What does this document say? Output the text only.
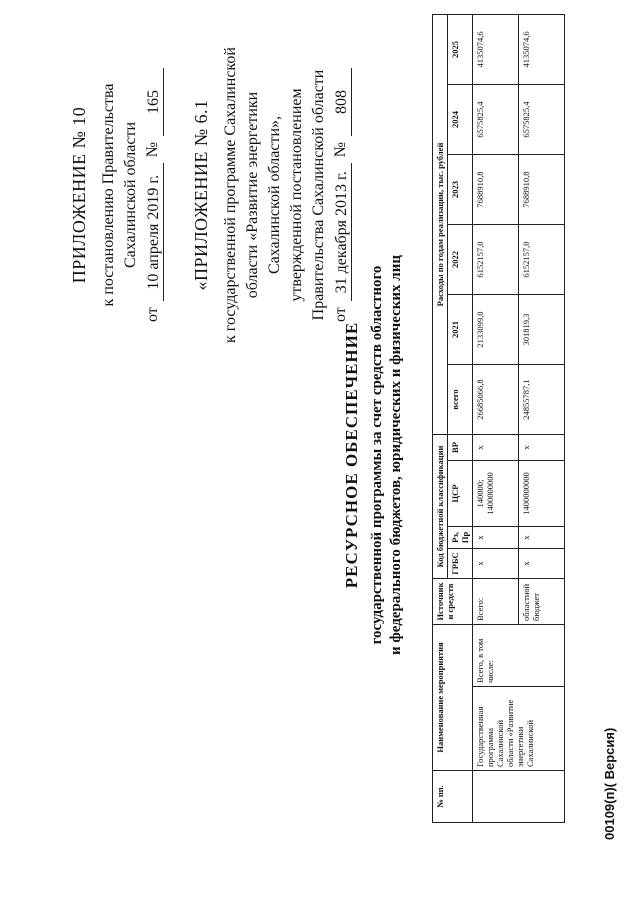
ПРИЛОЖЕНИЕ № 10 к постановлению Правительства Сахалинской области
от
10 апреля 2019 г.
№
165 «ПРИЛОЖЕНИЕ № 6.1 к государственной программе Сахалинской области «Развитие энергетики Сахалинской области», утвержденной постановлением Правительства Сахалинской области от
31 декабря 2013 г.
№
808
РЕСУРСНОЕ ОБЕСПЕЧЕНИЕ государственной программы за счет средств областного и федерального бюджетов, юридических и физических лиц
№ пп.	Наименование мероприятия		Источник и средств	Код бюджетной классификации				Расходы по годам реализации, тыс. рублей					
				ГРБС	Рз, Пр	ЦСР	ВР	всего	2021	2022	2023	2024	2025
	Государственная программа Сахалинской области «Развитие энергетики Сахалинской	Всего, в том числе:	Всего:	х	х	140000; 1400000000	х	26685066,8	2133099,0	6152157,0	7688910,8	6575825,4	4135074,6
			областной бюджет	х	х	1400000000	х	24855787,1	301819,3	6152157,0	7688910,8	6575825,4	4135074,6
00109(п)( Версия)
